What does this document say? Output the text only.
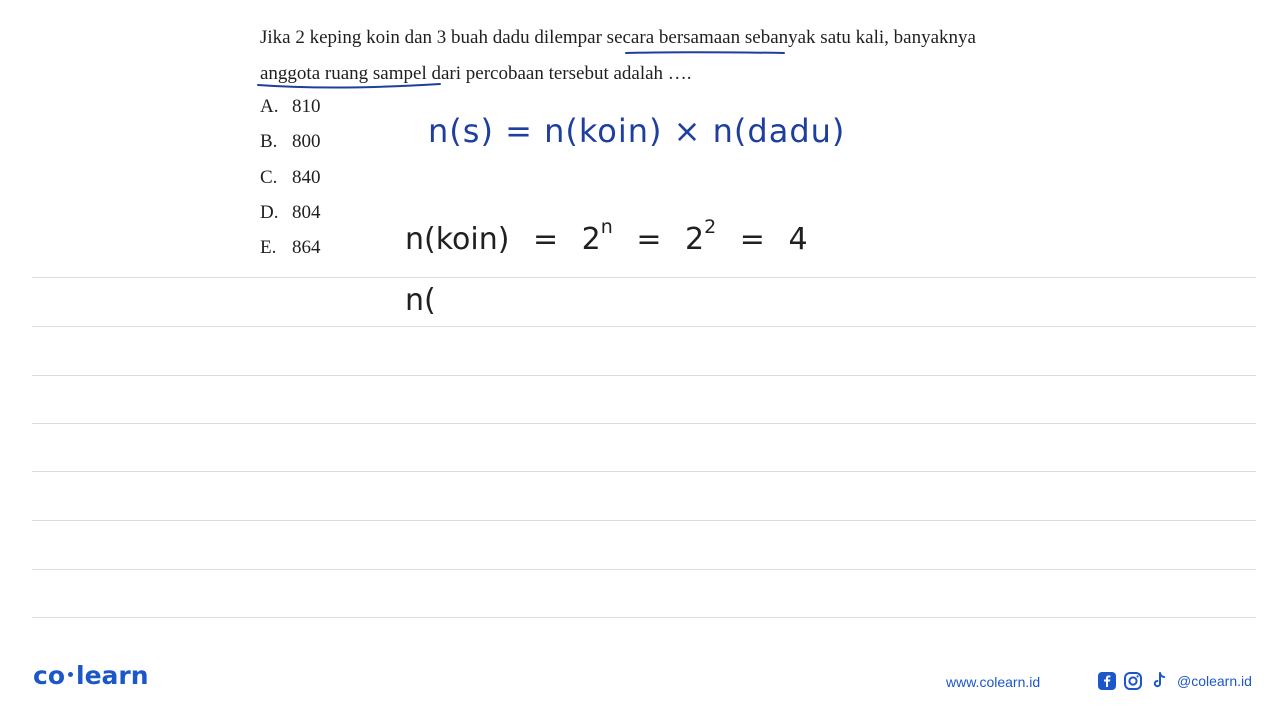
Jika 2 keping koin dan 3 buah dadu dilempar secara bersamaan sebanyak satu kali, banyaknya
anggota ruang sampel dari percobaan tersebut adalah ….
A. 810
B. 800
C. 840
D. 804
E. 864
n(s) = n(koin) × n(dadu)
n(koin) = $2^n = 2^2 = 4$
n(
co learn	www.colearn.id	@colearn.id
